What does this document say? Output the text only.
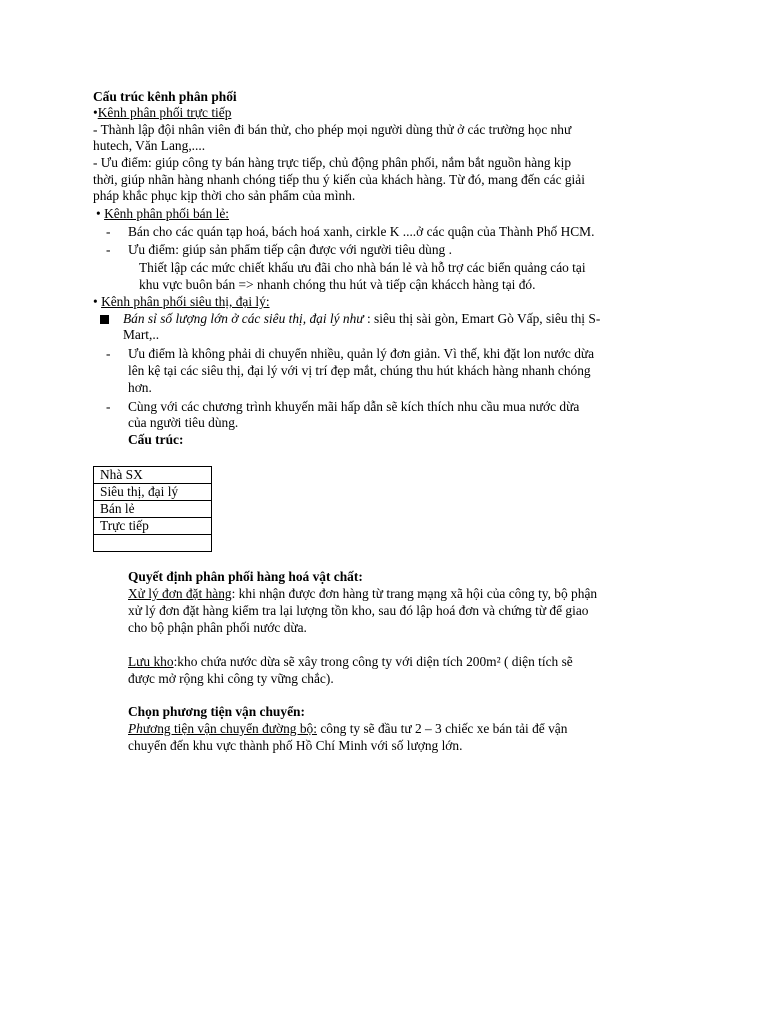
Cấu trúc kênh phân phối
•Kênh phân phối trực tiếp
- Thành lập đội nhân viên đi bán thử, cho phép mọi người dùng thử ở các trường học như
hutech, Văn Lang,....
- Ưu điểm: giúp công ty bán hàng trực tiếp, chủ động phân phối, nắm bắt nguồn hàng kịp
thời, giúp nhãn hàng nhanh chóng tiếp thu ý kiến của khách hàng. Từ đó, mang đến các giải
pháp khắc phục kịp thời cho sản phẩm của mình.
• Kênh phân phối bán lẻ:
- Bán cho các quán tạp hoá, bách hoá xanh, cirkle K ....ở các quận của Thành Phố HCM.
- Ưu điểm: giúp sản phẩm tiếp cận được với người tiêu dùng .
Thiết lập các mức chiết khấu ưu đãi cho nhà bán lẻ và hỗ trợ các biển quảng cáo tại
khu vực buôn bán => nhanh chóng thu hút và tiếp cận khácch hàng tại đó.
• Kênh phân phối siêu thị, đại lý:
Bán sỉ số lượng lớn ở các siêu thị, đại lý như : siêu thị sài gòn, Emart Gò Vấp, siêu thị S-
Mart,..
- Ưu điểm là không phải di chuyển nhiều, quản lý đơn giản. Vì thế, khi đặt lon nước dừa
lên kệ tại các siêu thị, đại lý với vị trí đẹp mắt, chúng thu hút khách hàng nhanh chóng
hơn.
- Cùng với các chương trình khuyến mãi hấp dẫn sẽ kích thích nhu cầu mua nước dừa
của người tiêu dùng.
Cấu trúc:
Nhà SX
Siêu thị, đại lý
Bán lẻ
Trực tiếp

Quyết định phân phối hàng hoá vật chất:
Xử lý đơn đặt hàng: khi nhận được đơn hàng từ trang mạng xã hội của công ty, bộ phận
xử lý đơn đặt hàng kiểm tra lại lượng tồn kho, sau đó lập hoá đơn và chứng từ để giao
cho bộ phận phân phối nước dừa.
Lưu kho:kho chứa nước dừa sẽ xây trong công ty với diện tích 200m² ( diện tích sẽ
được mở rộng khi công ty vững chắc).
Chọn phương tiện vận chuyển:
Phương tiện vận chuyển đường bộ: công ty sẽ đầu tư 2 – 3 chiếc xe bán tải để vận
chuyển đến khu vực thành phố Hồ Chí Minh với số lượng lớn.
